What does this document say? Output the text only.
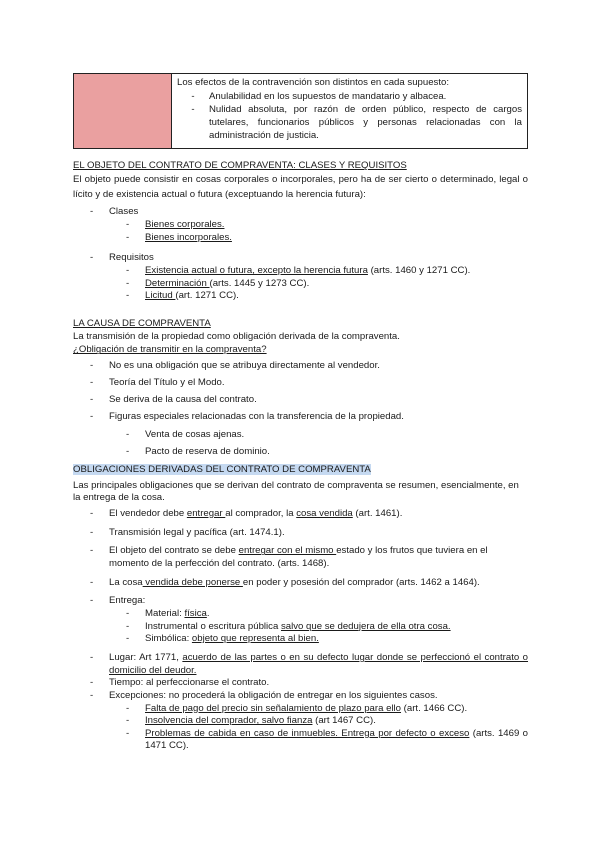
Los efectos de la contravención son distintos en cada supuesto:

-	Anulabilidad en los supuestos de mandatario y albacea.
-	Nulidad absoluta, por razón de orden público, respecto de cargos tutelares, funcionarios públicos y personas relacionadas con la administración de justicia.

EL OBJETO DEL CONTRATO DE COMPRAVENTA: CLASES Y REQUISITOS

El objeto puede consistir en cosas corporales o incorporales, pero ha de ser cierto o determinado, legal o lícito y de existencia actual o futura (exceptuando la herencia futura):

-	Clases
-	Bienes corporales.
-	Bienes incorporales.
-	Requisitos
-	Existencia actual o futura, excepto la herencia futura (arts. 1460 y 1271 CC).
-	Determinación (arts. 1445 y 1273 CC).
-	Licitud (art. 1271 CC).

LA CAUSA DE COMPRAVENTA

La transmisión de la propiedad como obligación derivada de la compraventa.

¿Obligación de transmitir en la compraventa?

-	No es una obligación que se atribuya directamente al vendedor.
-	Teoría del Título y el Modo.
-	Se deriva de la causa del contrato.
-	Figuras especiales relacionadas con la transferencia de la propiedad.
-	Venta de cosas ajenas.
-	Pacto de reserva de dominio.

OBLIGACIONES DERIVADAS DEL CONTRATO DE COMPRAVENTA

Las principales obligaciones que se derivan del contrato de compraventa se resumen, esencialmente, en la entrega de la cosa.

-	El vendedor debe entregar al comprador, la cosa vendida (art. 1461).
-	Transmisión legal y pacífica (art. 1474.1).
-	El objeto del contrato se debe entregar con el mismo estado y los frutos que tuviera en el momento de la perfección del contrato. (arts. 1468).
-	La cosa vendida debe ponerse en poder y posesión del comprador (arts. 1462 a 1464).
-	Entrega:
-	Material: física.
-	Instrumental o escritura pública salvo que se dedujera de ella otra cosa.
-	Simbólica: objeto que representa al bien.
-	Lugar: Art 1771, acuerdo de las partes o en su defecto lugar donde se perfeccionó el contrato o domicilio del deudor.
-	Tiempo: al perfeccionarse el contrato.
-	Excepciones: no procederá la obligación de entregar en los siguientes casos.
-	Falta de pago del precio sin señalamiento de plazo para ello (art. 1466 CC).
-	Insolvencia del comprador, salvo fianza (art 1467 CC).
-	Problemas de cabida en caso de inmuebles. Entrega por defecto o exceso (arts. 1469 o 1471 CC).
